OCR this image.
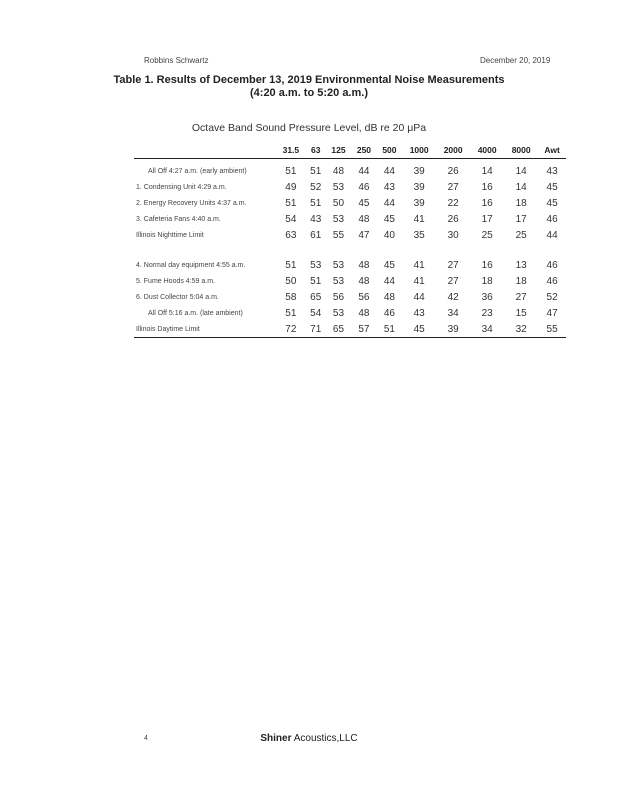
Robbins Schwartz	December 20, 2019
Table 1. Results of December 13, 2019 Environmental Noise Measurements
(4:20 a.m. to 5:20 a.m.)
Octave Band Sound Pressure Level, dB re 20 μPa
	31.5	63	125	250	500	1000	2000	4000	8000	Awt

All Off 4:27 a.m. (early ambient)	51	51	48	44	44	39	26	14	14	43
1. Condensing Unit 4:29 a.m.	49	52	53	46	43	39	27	16	14	45
2. Energy Recovery Units 4:37 a.m.	51	51	50	45	44	39	22	16	18	45
3. Cafeteria Fans 4:40 a.m.	54	43	53	48	45	41	26	17	17	46
Illinois Nighttime Limit	63	61	55	47	40	35	30	25	25	44

4. Normal day equipment 4:55 a.m.	51	53	53	48	45	41	27	16	13	46
5. Fume Hoods 4:59 a.m.	50	51	53	48	44	41	27	18	18	46
6. Dust Collector 5:04 a.m.	58	65	56	56	48	44	42	36	27	52
All Off 5:16 a.m. (late ambient)	51	54	53	48	46	43	34	23	15	47
Illinois Daytime Limit	72	71	65	57	51	45	39	34	32	55
4	Shiner Acoustics,LLC
